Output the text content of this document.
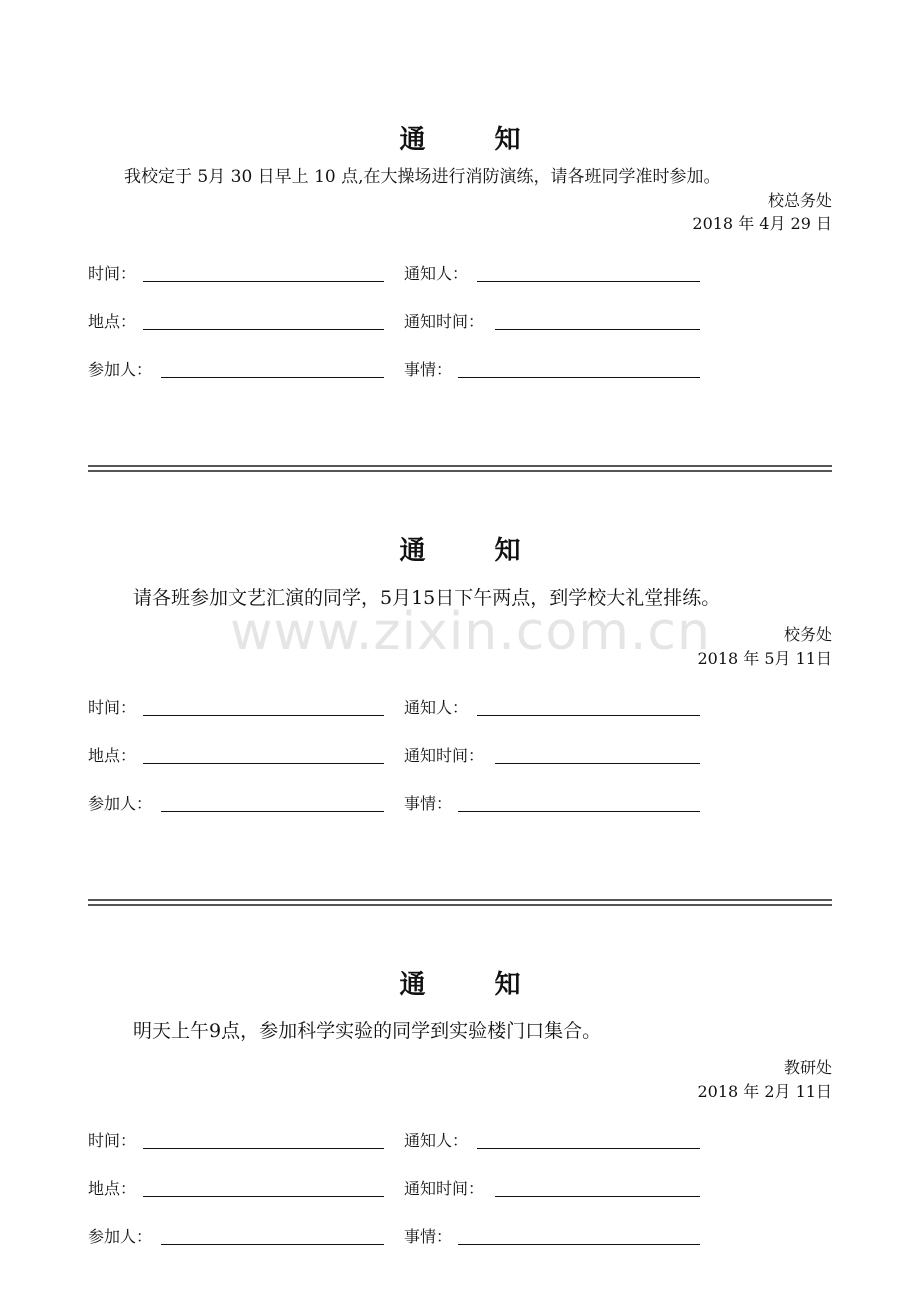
www.zixin.com.cn
通 知
我校定于 5月 30 日早上 10 点,在大操场进行消防演练，请各班同学准时参加。
校总务处
2018 年 4月 29 日
时间：	通知人：
地点：	通知时间：
参加人：	事情：
通 知
请各班参加文艺汇演的同学，5月15日下午两点，到学校大礼堂排练。
校务处
2018 年 5月 11日
时间：	通知人：
地点：	通知时间：
参加人：	事情：
通 知
明天上午9点，参加科学实验的同学到实验楼门口集合。
教研处
2018 年 2月 11日
时间：	通知人：
地点：	通知时间：
参加人：	事情：
